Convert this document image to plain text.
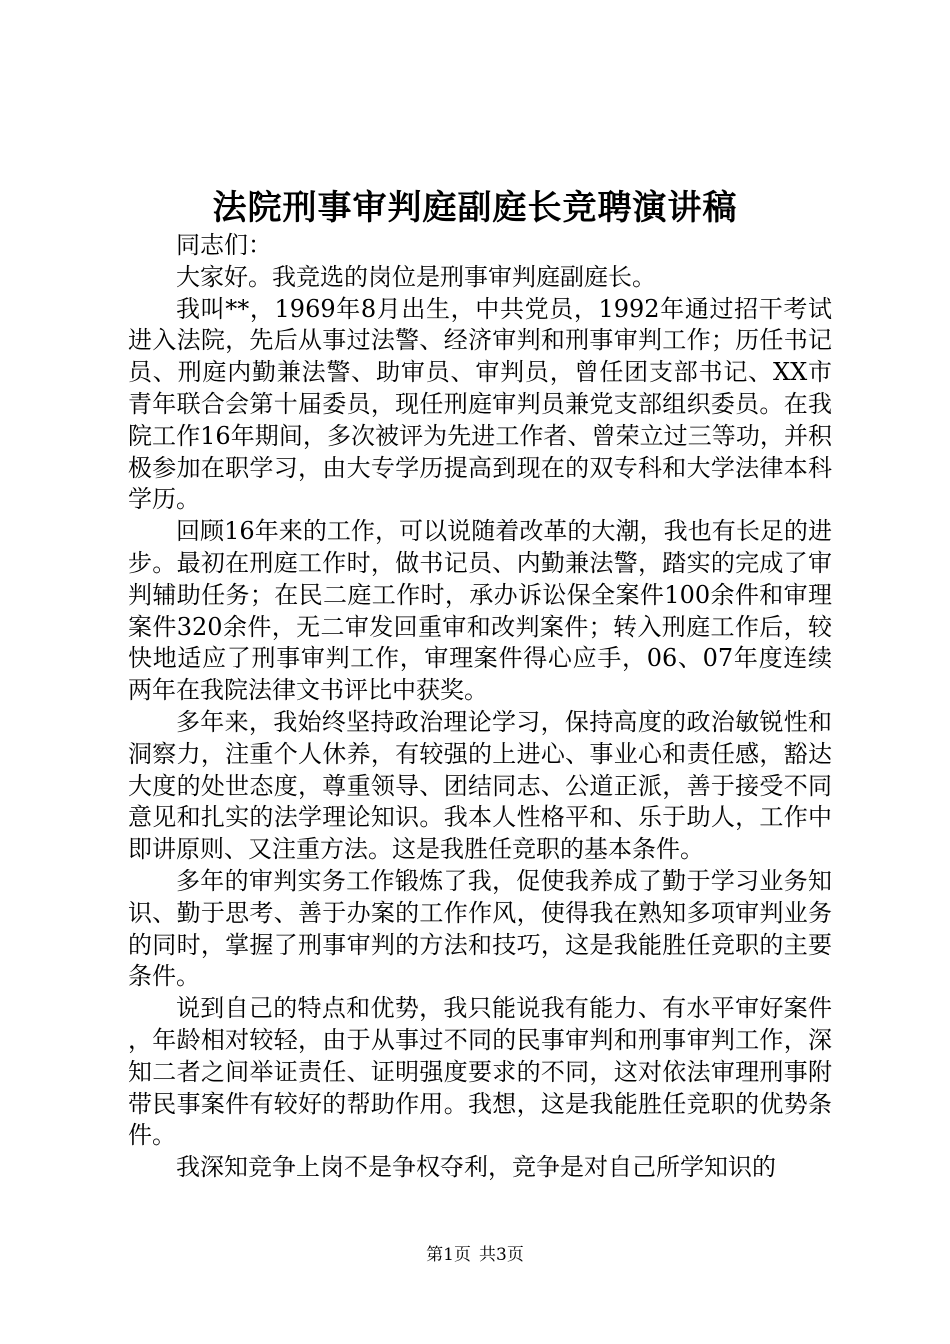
法院刑事审判庭副庭长竞聘演讲稿

同志们：

大家好。我竞选的岗位是刑事审判庭副庭长。

我叫**，1969年8月出生，中共党员，1992年通过招干考试进入法院，先后从事过法警、经济审判和刑事审判工作；历任书记员、刑庭内勤兼法警、助审员、审判员，曾任团支部书记、XX市青年联合会第十届委员，现任刑庭审判员兼党支部组织委员。在我院工作16年期间，多次被评为先进工作者、曾荣立过三等功，并积极参加在职学习，由大专学历提高到现在的双专科和大学法律本科学历。

回顾16年来的工作，可以说随着改革的大潮，我也有长足的进步。最初在刑庭工作时，做书记员、内勤兼法警，踏实的完成了审判辅助任务；在民二庭工作时，承办诉讼保全案件100余件和审理案件320余件，无二审发回重审和改判案件；转入刑庭工作后，较快地适应了刑事审判工作，审理案件得心应手，06、07年度连续两年在我院法律文书评比中获奖。

多年来，我始终坚持政治理论学习，保持高度的政治敏锐性和洞察力，注重个人休养，有较强的上进心、事业心和责任感，豁达大度的处世态度，尊重领导、团结同志、公道正派，善于接受不同意见和扎实的法学理论知识。我本人性格平和、乐于助人，工作中即讲原则、又注重方法。这是我胜任竞职的基本条件。

多年的审判实务工作锻炼了我，促使我养成了勤于学习业务知识、勤于思考、善于办案的工作作风，使得我在熟知多项审判业务的同时，掌握了刑事审判的方法和技巧，这是我能胜任竞职的主要条件。

说到自己的特点和优势，我只能说我有能力、有水平审好案件，年龄相对较轻，由于从事过不同的民事审判和刑事审判工作，深知二者之间举证责任、证明强度要求的不同，这对依法审理刑事附带民事案件有较好的帮助作用。我想，这是我能胜任竞职的优势条件。

我深知竞争上岗不是争权夺利，竞争是对自己所学知识的

第1页 共3页
